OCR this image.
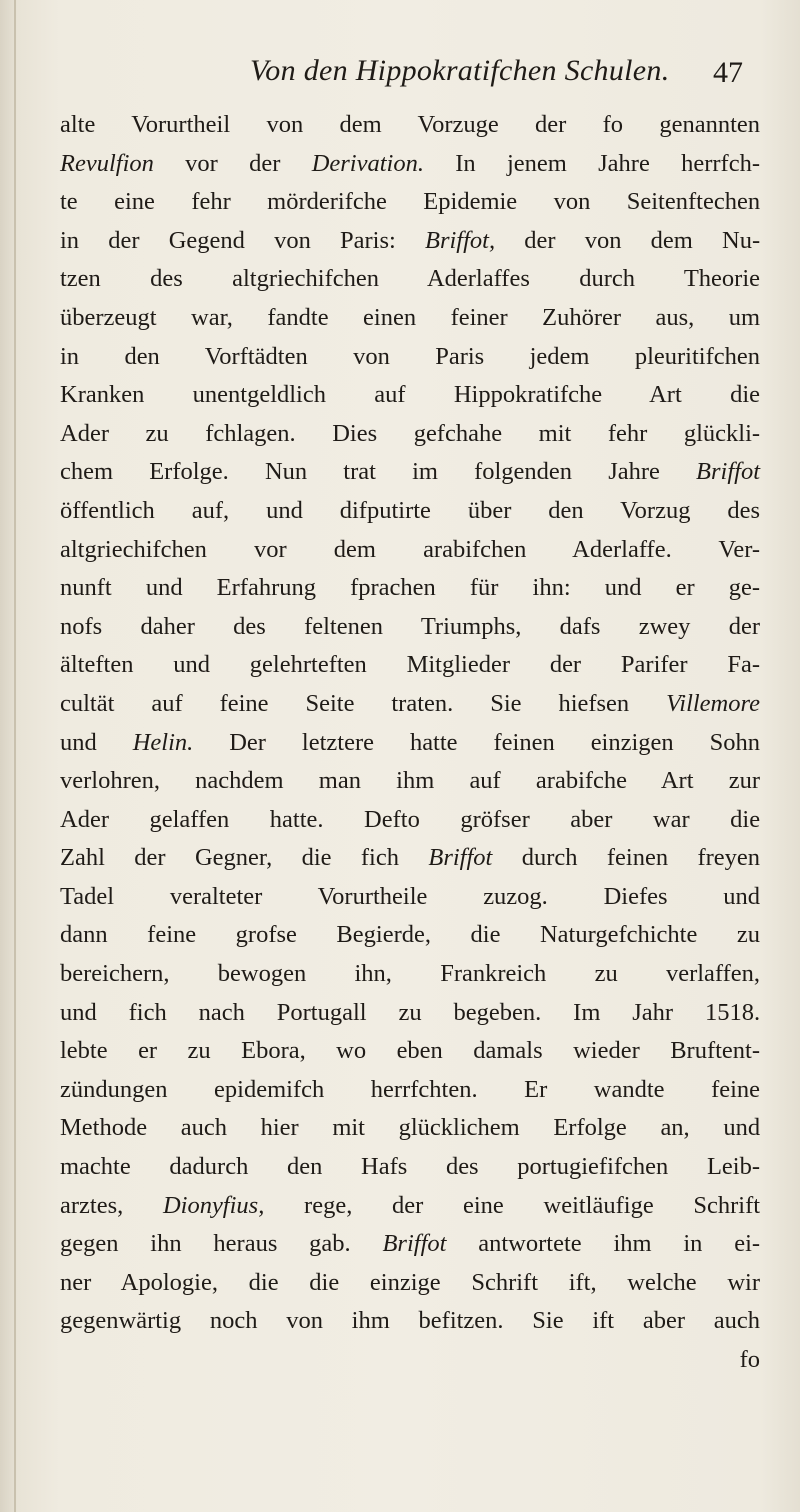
Von den Hippokratifchen Schulen. 47
alte Vorurtheil von dem Vorzuge der fo genannten
Revulfion vor der Derivation. In jenem Jahre herrfch-
te eine fehr mörderifche Epidemie von Seitenftechen
in der Gegend von Paris: Briffot, der von dem Nu-
tzen des altgriechifchen Aderlaffes durch Theorie
überzeugt war, fandte einen feiner Zuhörer aus, um
in den Vorftädten von Paris jedem pleuritifchen
Kranken unentgeldlich auf Hippokratifche Art die
Ader zu fchlagen. Dies gefchahe mit fehr glückli-
chem Erfolge. Nun trat im folgenden Jahre Briffot
öffentlich auf, und difputirte über den Vorzug des
altgriechifchen vor dem arabifchen Aderlaffe. Ver-
nunft und Erfahrung fprachen für ihn: und er ge-
nofs daher des feltenen Triumphs, dafs zwey der
älteften und gelehrteften Mitglieder der Parifer Fa-
cultät auf feine Seite traten. Sie hiefsen Villemore
und Helin. Der letztere hatte feinen einzigen Sohn
verlohren, nachdem man ihm auf arabifche Art zur
Ader gelaffen hatte. Defto gröfser aber war die
Zahl der Gegner, die fich Briffot durch feinen freyen
Tadel veralteter Vorurtheile zuzog. Diefes und
dann feine grofse Begierde, die Naturgefchichte zu
bereichern, bewogen ihn, Frankreich zu verlaffen,
und fich nach Portugall zu begeben. Im Jahr 1518.
lebte er zu Ebora, wo eben damals wieder Bruftent-
zündungen epidemifch herrfchten. Er wandte feine
Methode auch hier mit glücklichem Erfolge an, und
machte dadurch den Hafs des portugiefifchen Leib-
arztes, Dionyfius, rege, der eine weitläufige Schrift
gegen ihn heraus gab. Briffot antwortete ihm in ei-
ner Apologie, die die einzige Schrift ift, welche wir
gegenwärtig noch von ihm befitzen. Sie ift aber auch
fo
